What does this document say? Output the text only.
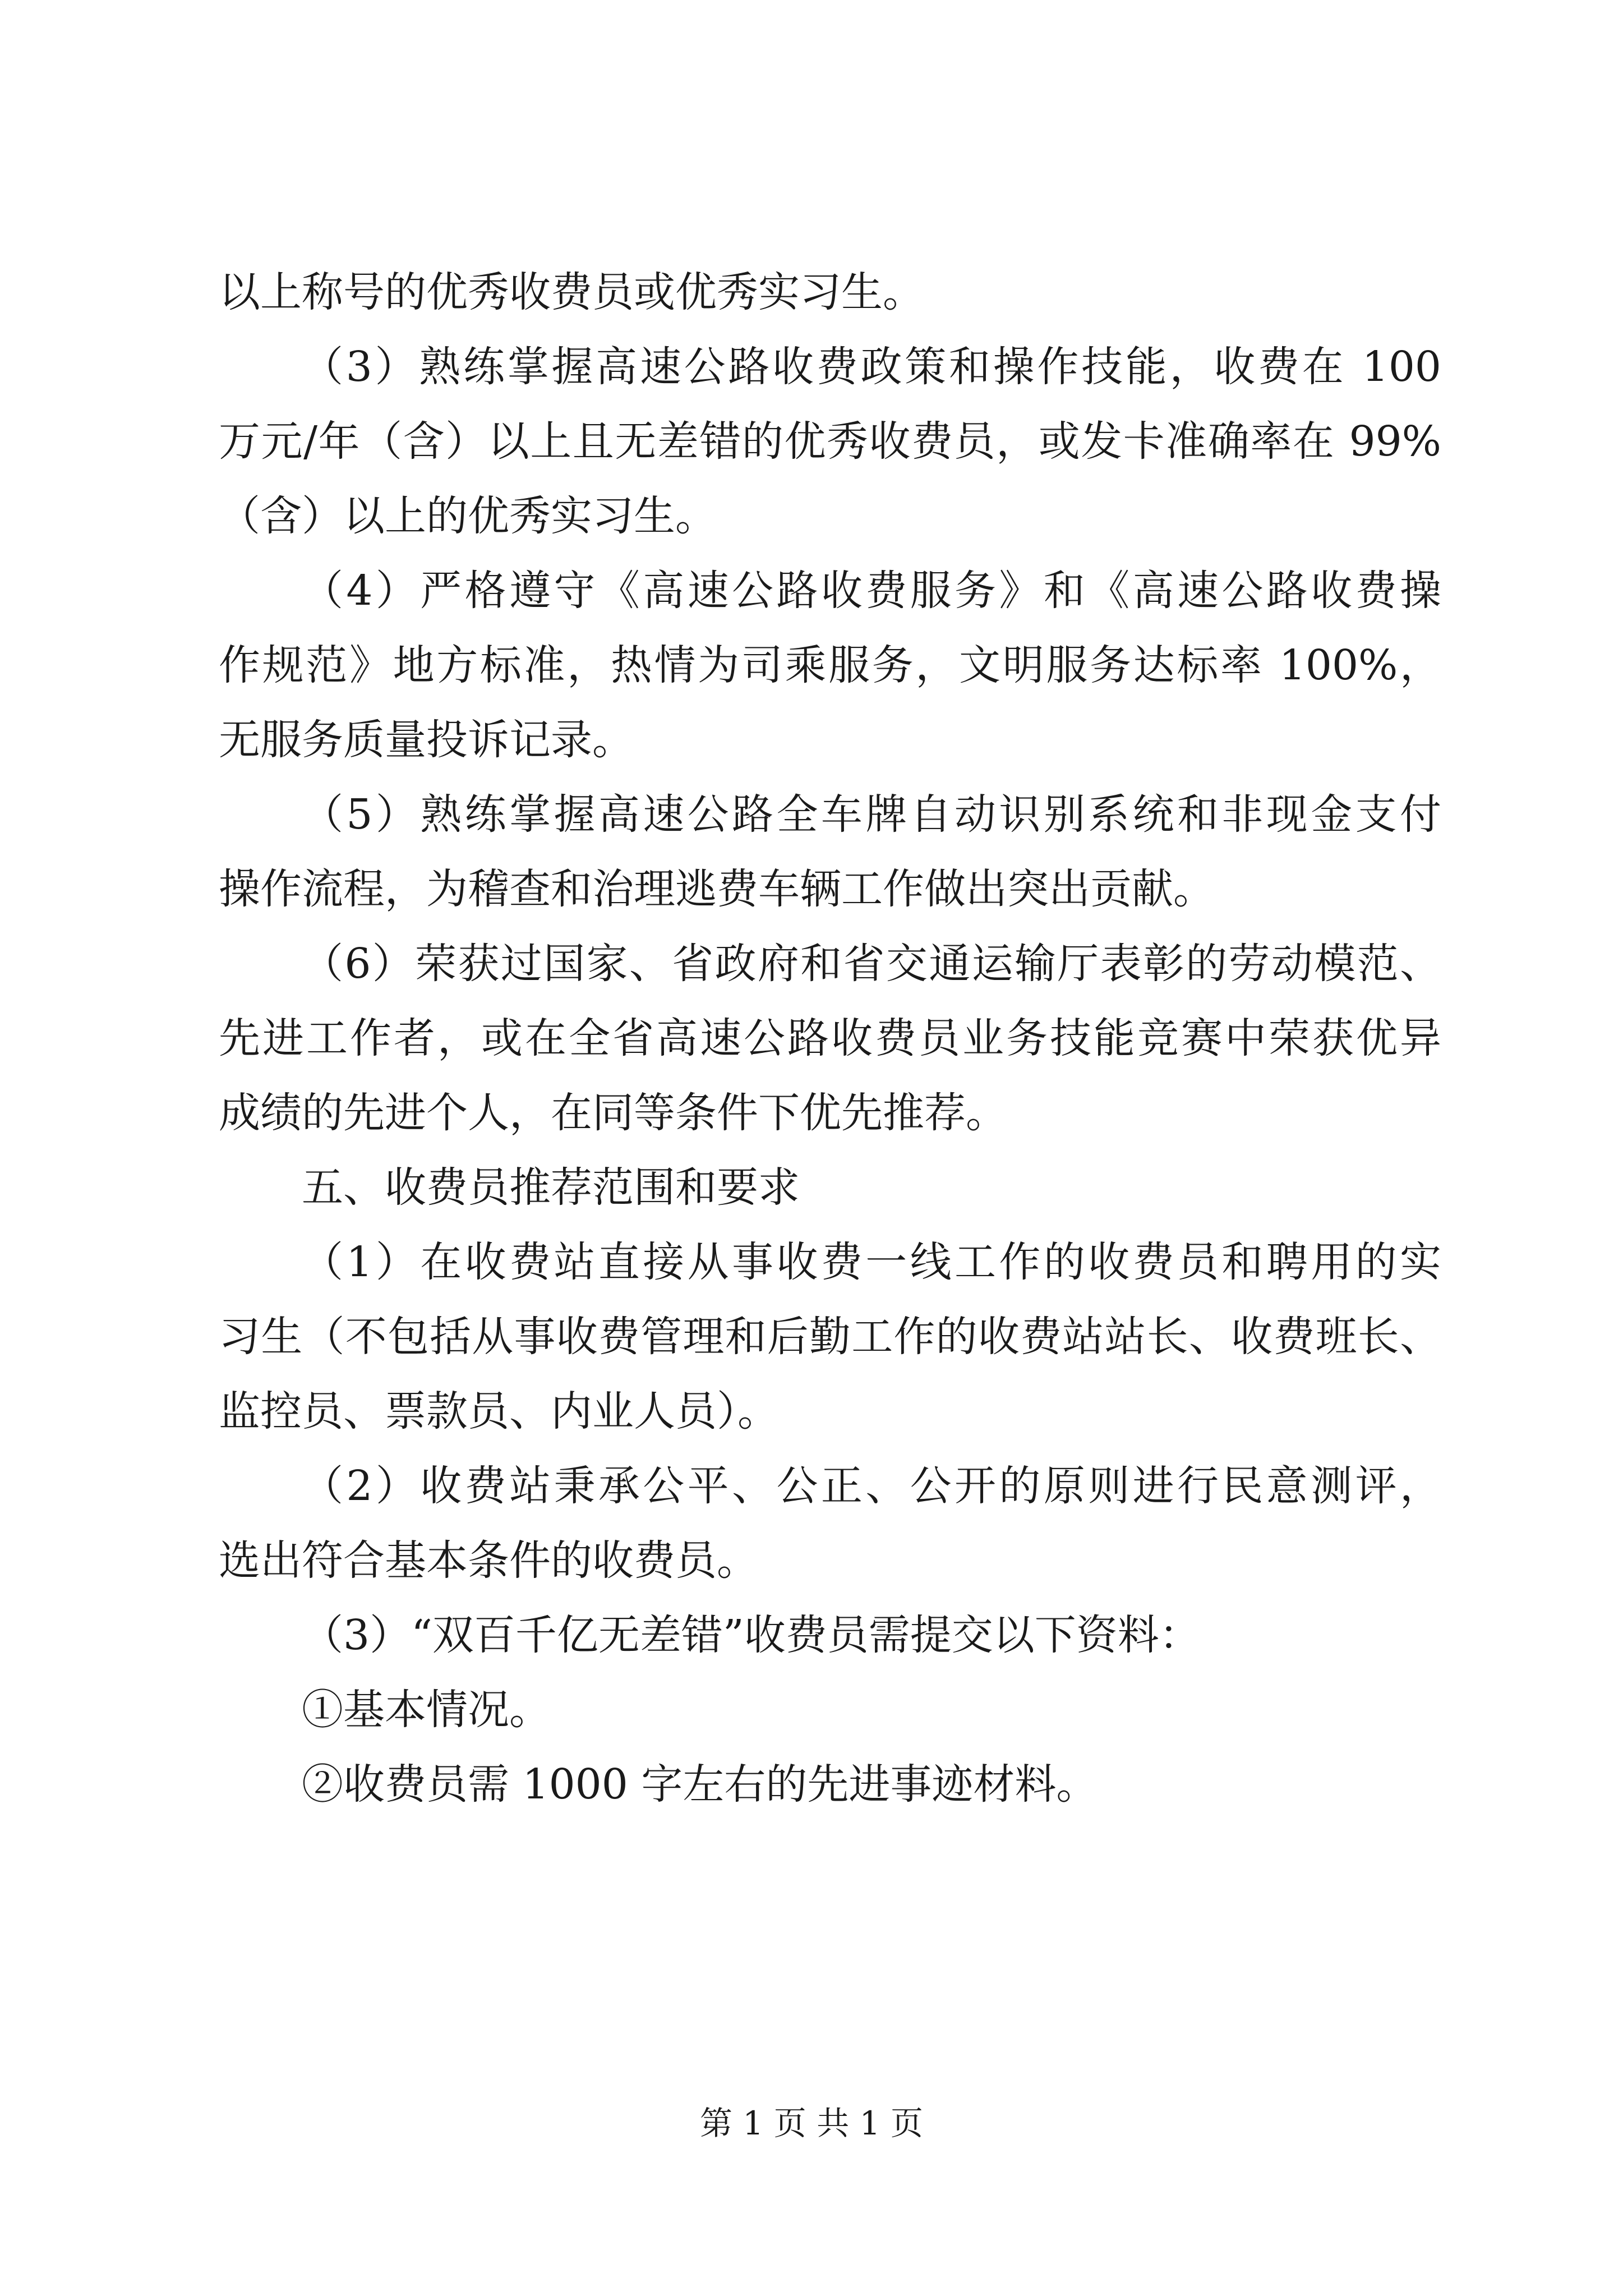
以上称号的优秀收费员或优秀实习生。

（3）熟练掌握高速公路收费政策和操作技能，收费在 100

万元/年（含）以上且无差错的优秀收费员，或发卡准确率在 99%

（含）以上的优秀实习生。

（4）严格遵守《高速公路收费服务》和《高速公路收费操

作规范》地方标准，热情为司乘服务，文明服务达标率 100%，

无服务质量投诉记录。

（5）熟练掌握高速公路全车牌自动识别系统和非现金支付

操作流程，为稽查和治理逃费车辆工作做出突出贡献。

（6）荣获过国家、省政府和省交通运输厅表彰的劳动模范、

先进工作者，或在全省高速公路收费员业务技能竞赛中荣获优异

成绩的先进个人，在同等条件下优先推荐。

五、收费员推荐范围和要求

（1）在收费站直接从事收费一线工作的收费员和聘用的实

习生（不包括从事收费管理和后勤工作的收费站站长、收费班长、

监控员、票款员、内业人员）。

（2）收费站秉承公平、公正、公开的原则进行民意测评，

选出符合基本条件的收费员。

（3）“双百千亿无差错”收费员需提交以下资料：

①基本情况。

②收费员需 1000 字左右的先进事迹材料。

第 1 页 共 1 页
